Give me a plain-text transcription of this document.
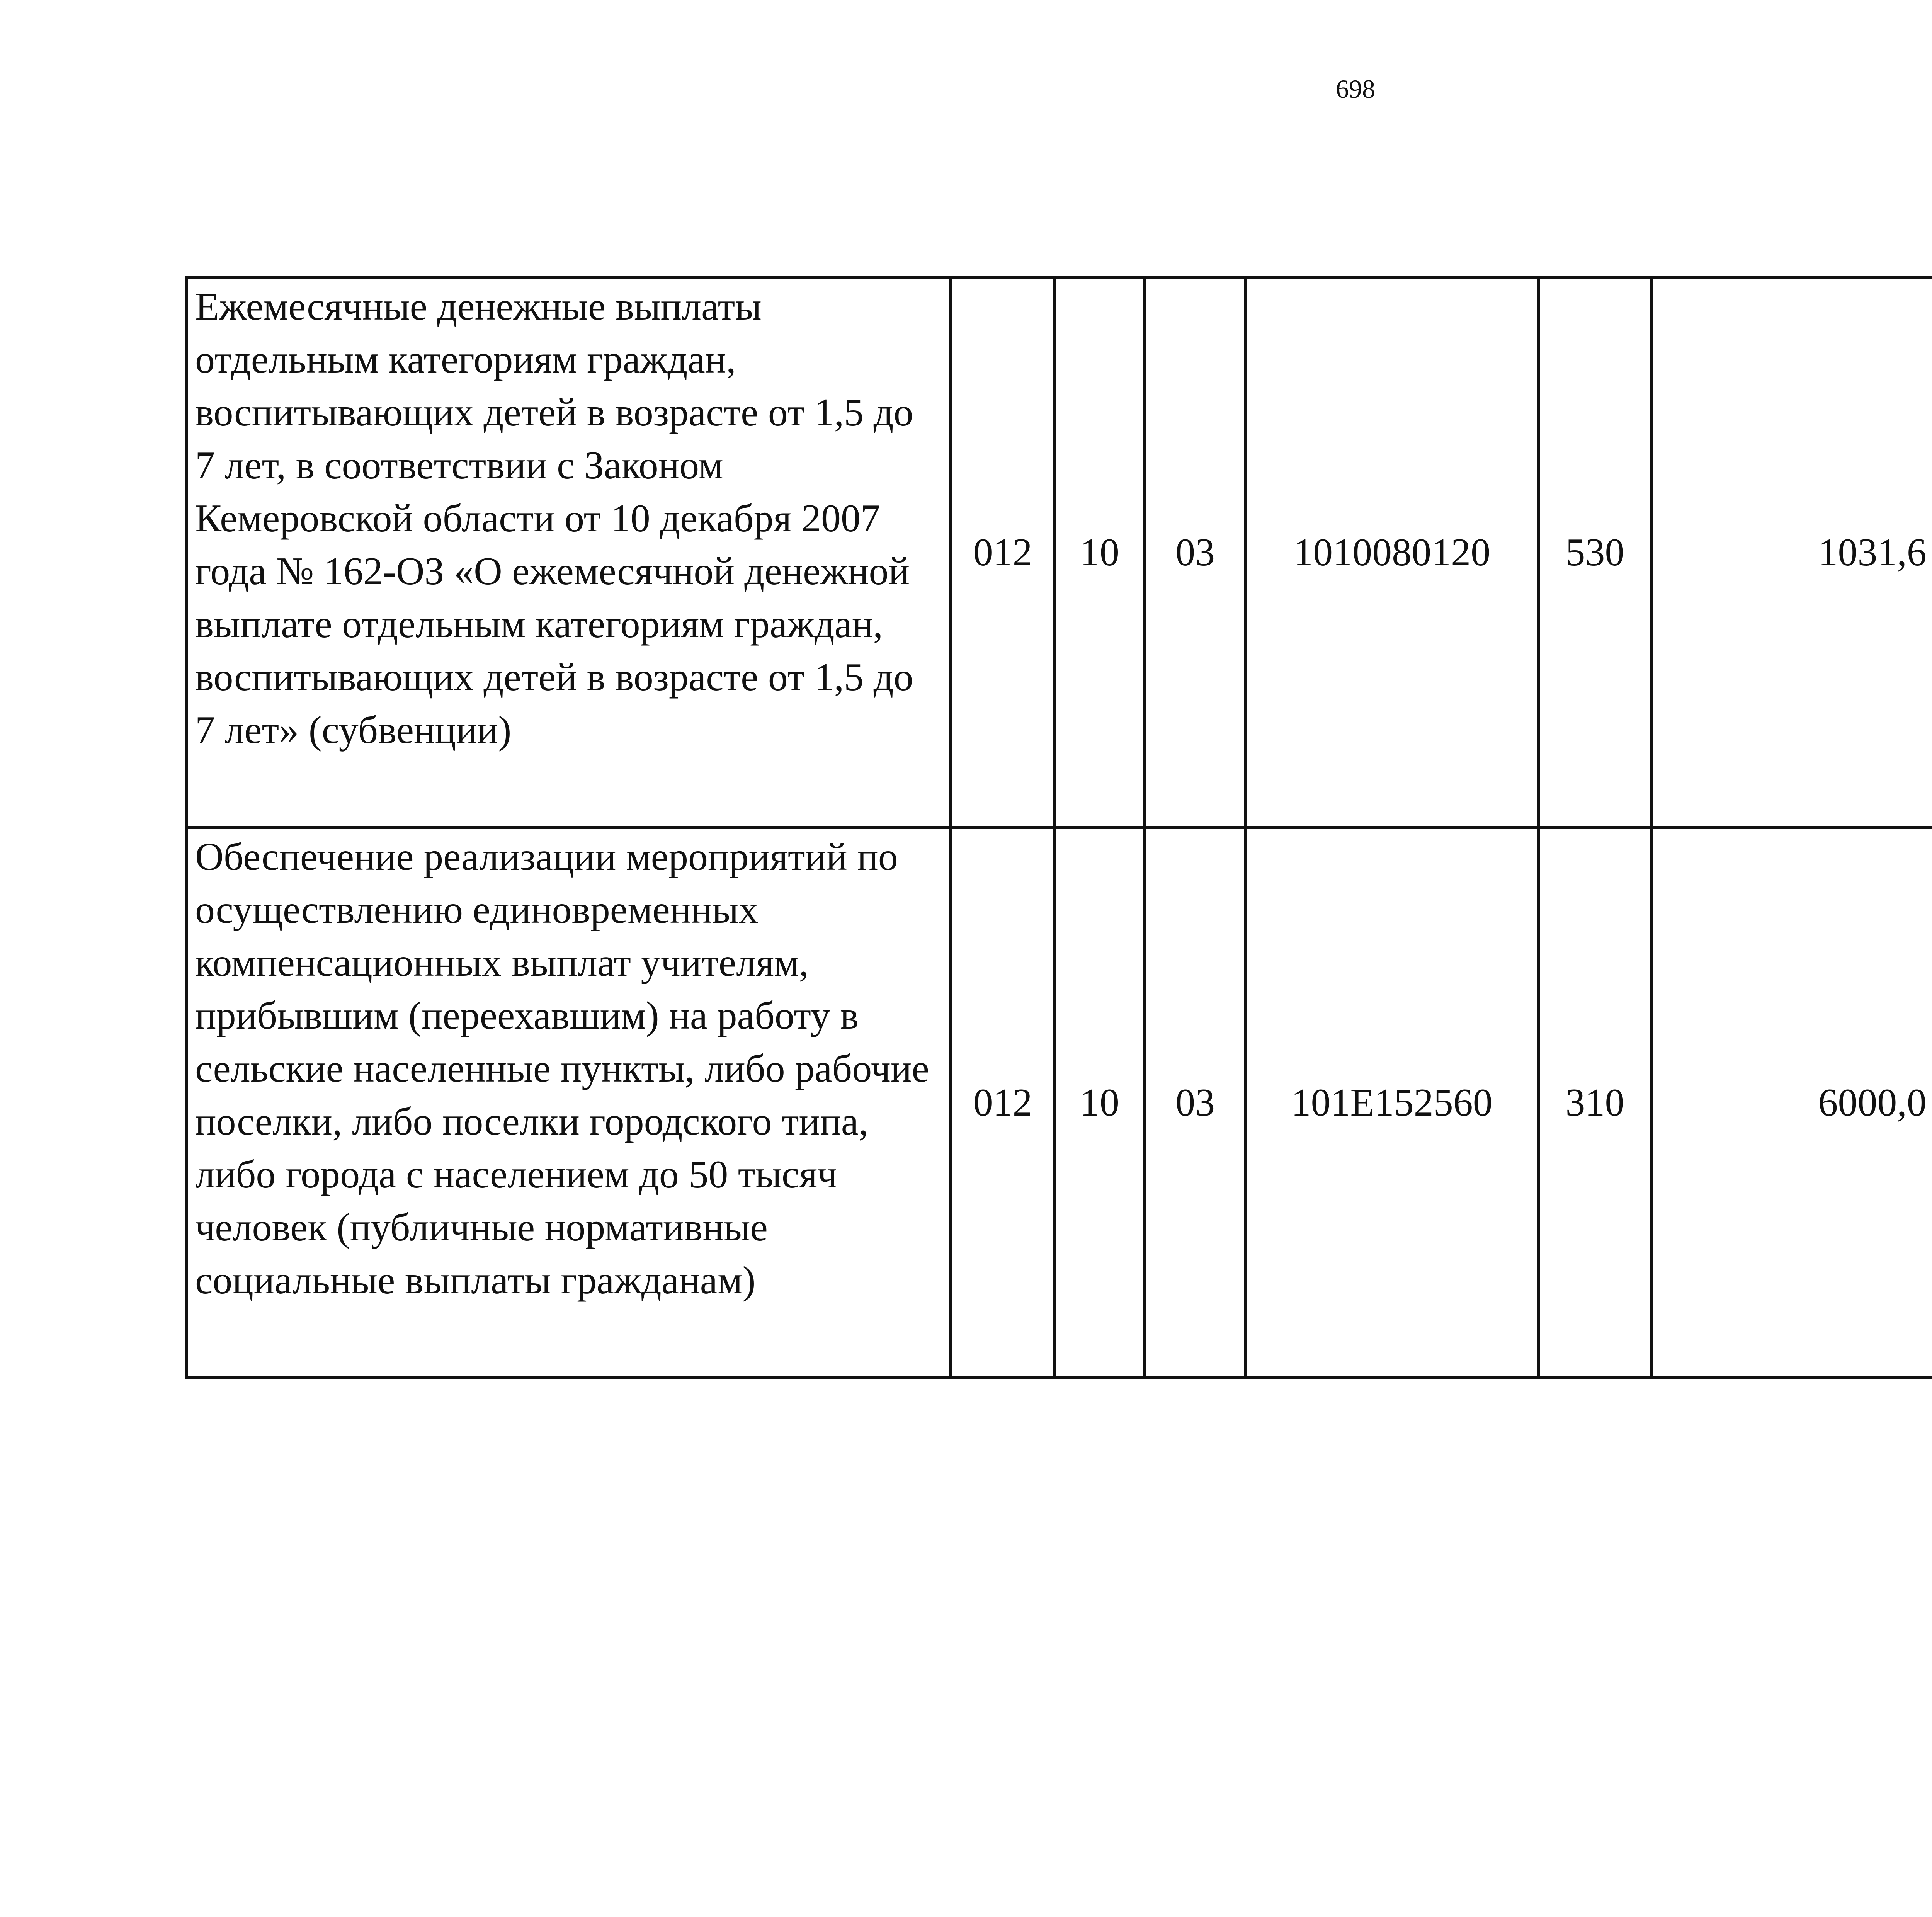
698
Ежемесячные денежные выплаты отдельным категориям граждан, воспитывающих детей в возрасте от 1,5 до 7 лет, в соответствии с Законом Кемеровской области от 10 декабря 2007 года № 162-ОЗ «О ежемесячной денежной выплате отдельным категориям граждан, воспитывающих детей в возрасте от 1,5 до 7 лет» (субвенции)	012	10	03	1010080120	530	1031,6		
Обеспечение реализации мероприятий по осуществлению единовременных компенсационных выплат учителям, прибывшим (переехавшим) на работу в сельские населенные пункты, либо рабочие поселки, либо поселки городского типа, либо города с населением до 50 тысяч человек (публичные нормативные социальные выплаты гражданам)	012	10	03	101E152560	310	6000,0		
